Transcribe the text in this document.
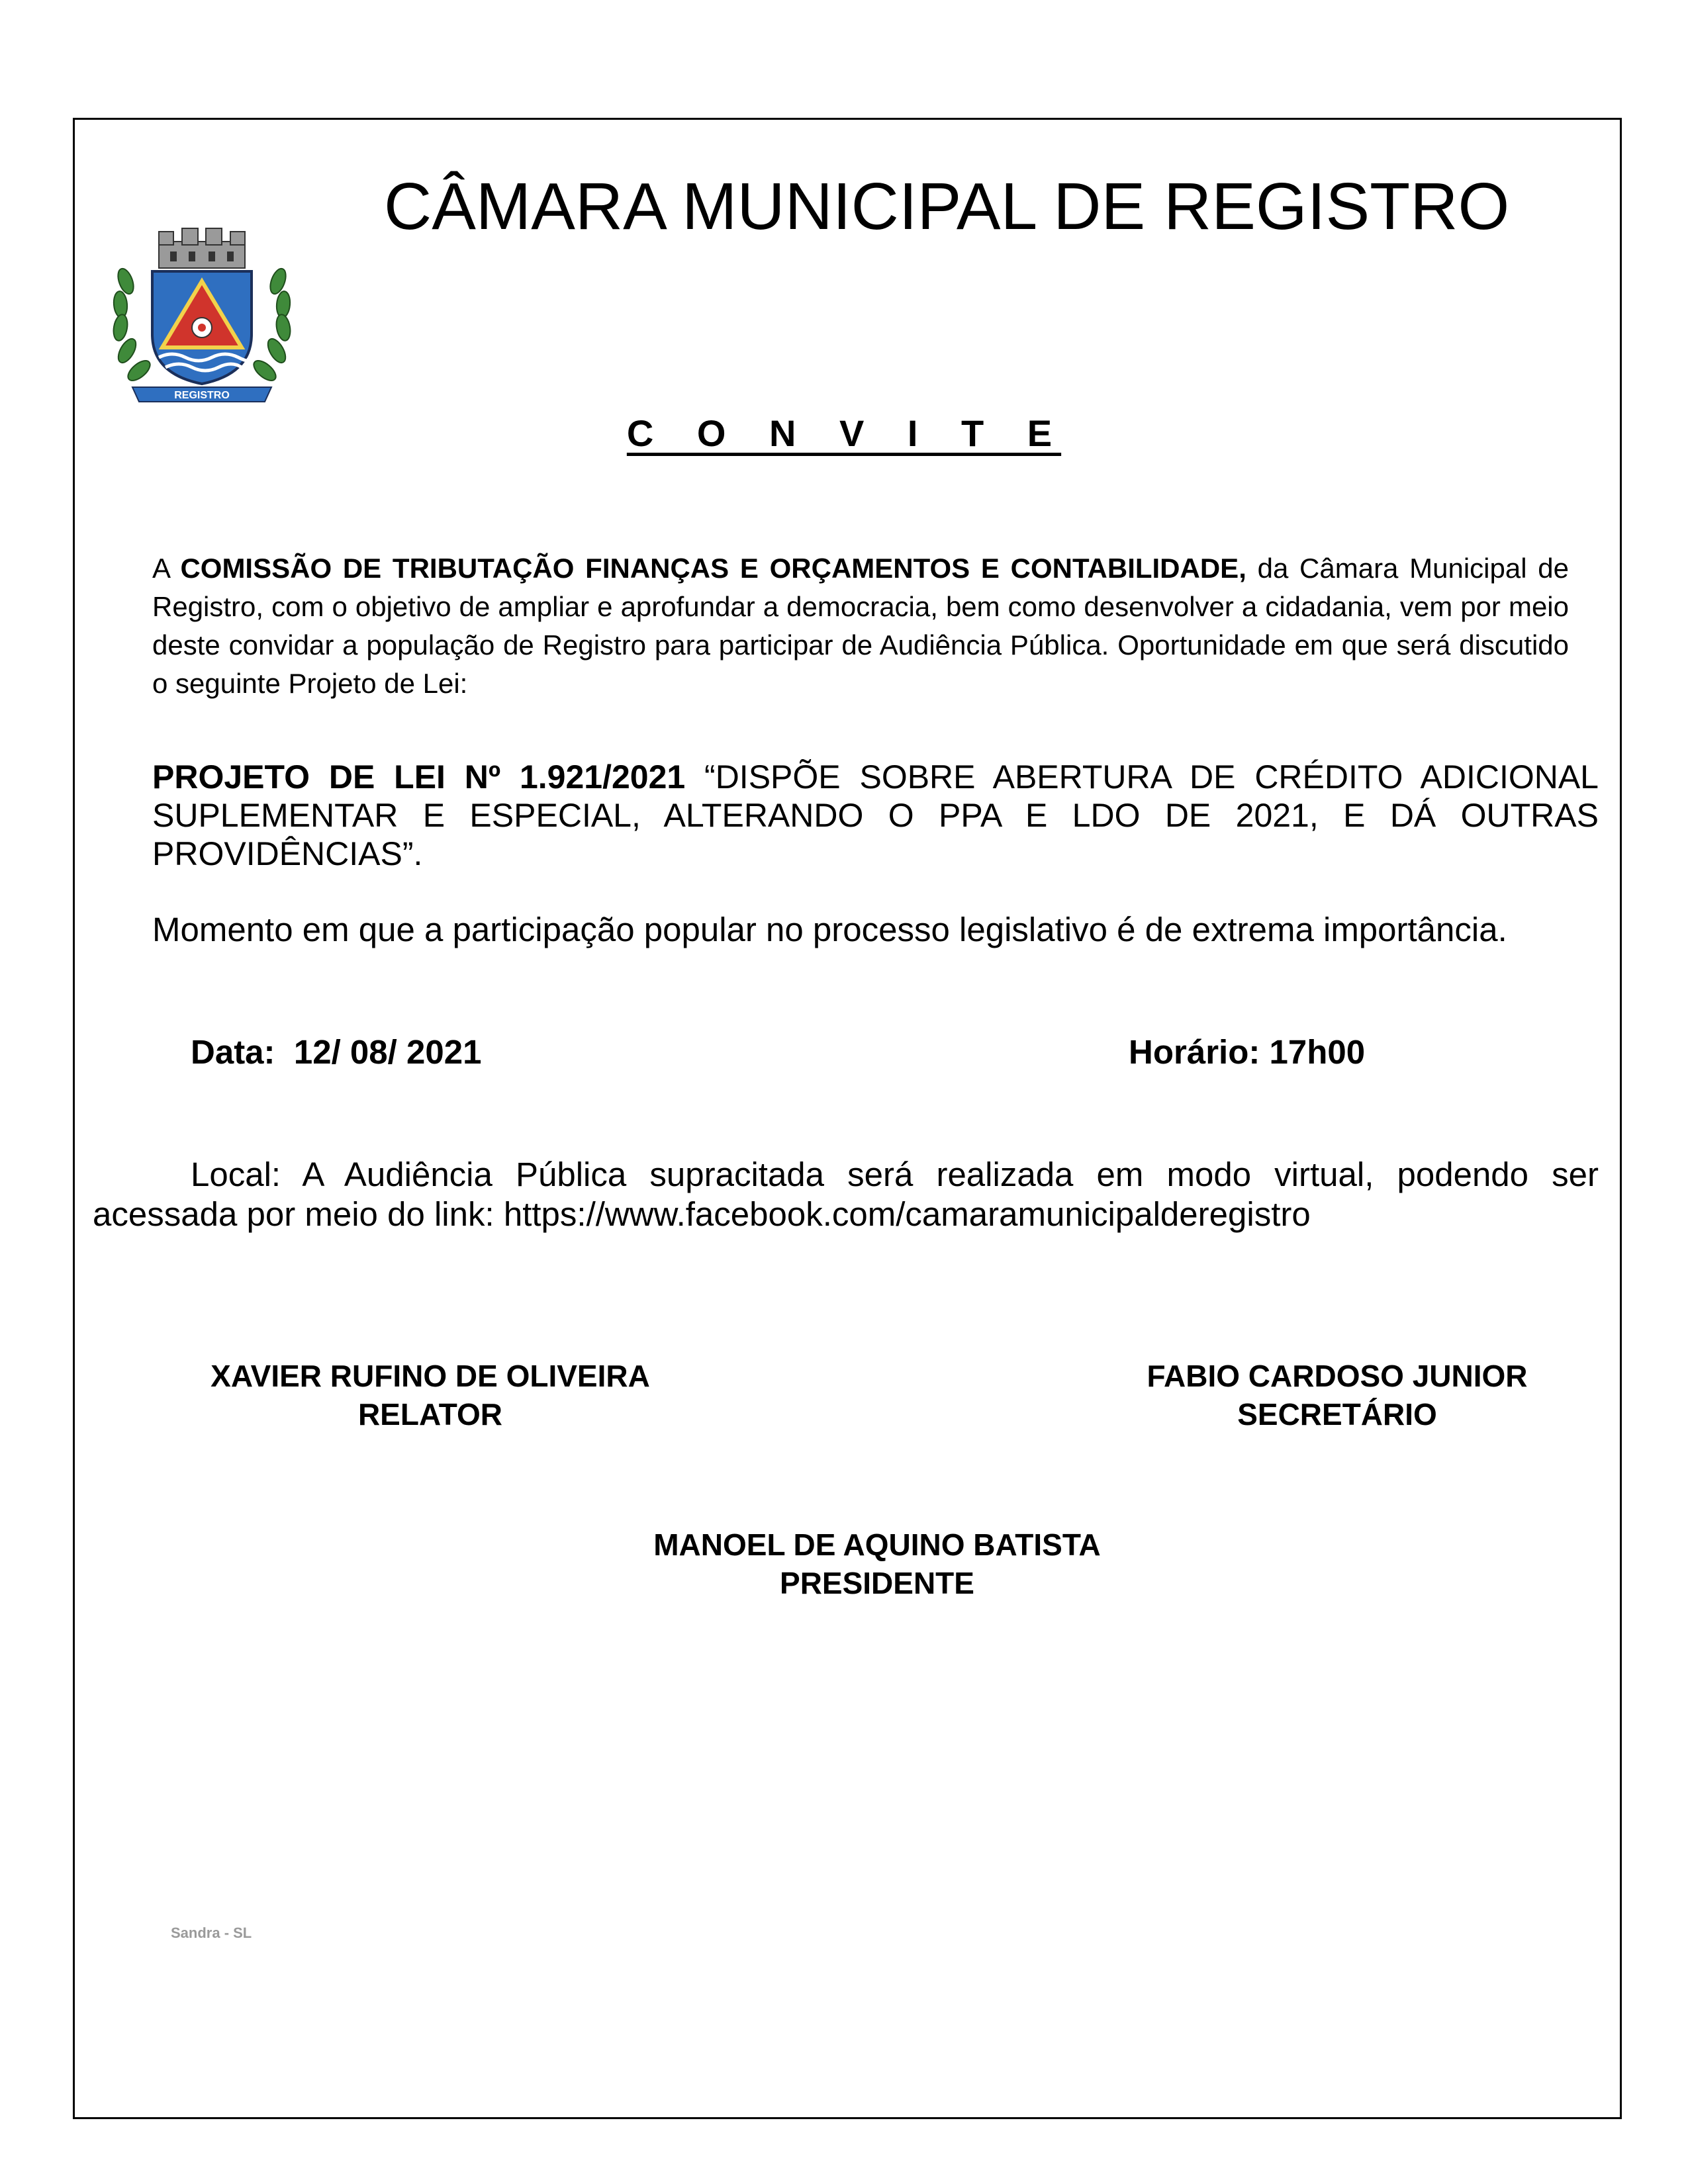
CÂMARA MUNICIPAL DE REGISTRO
REGISTRO
C O N V I T E
A COMISSÃO DE TRIBUTAÇÃO FINANÇAS E ORÇAMENTOS E CONTABILIDADE, da Câmara Municipal de Registro, com o objetivo de ampliar e aprofundar a democracia, bem como desenvolver a cidadania, vem por meio deste convidar a população de Registro para participar de Audiência Pública. Oportunidade em que será discutido o seguinte Projeto de Lei:
PROJETO DE LEI Nº 1.921/2021 “DISPÕE SOBRE ABERTURA DE CRÉDITO ADICIONAL SUPLEMENTAR E ESPECIAL, ALTERANDO O PPA E LDO DE 2021, E DÁ OUTRAS PROVIDÊNCIAS”.
Momento em que a participação popular no processo legislativo é de extrema importância.
Data:  12/ 08/ 2021	Horário: 17h00
Local: A Audiência Pública supracitada será realizada em modo virtual, podendo ser acessada por meio do link: https://www.facebook.com/camaramunicipalderegistro
XAVIER RUFINO DE OLIVEIRA
RELATOR
FABIO CARDOSO JUNIOR
SECRETÁRIO
MANOEL DE AQUINO BATISTA
PRESIDENTE
Sandra - SL
